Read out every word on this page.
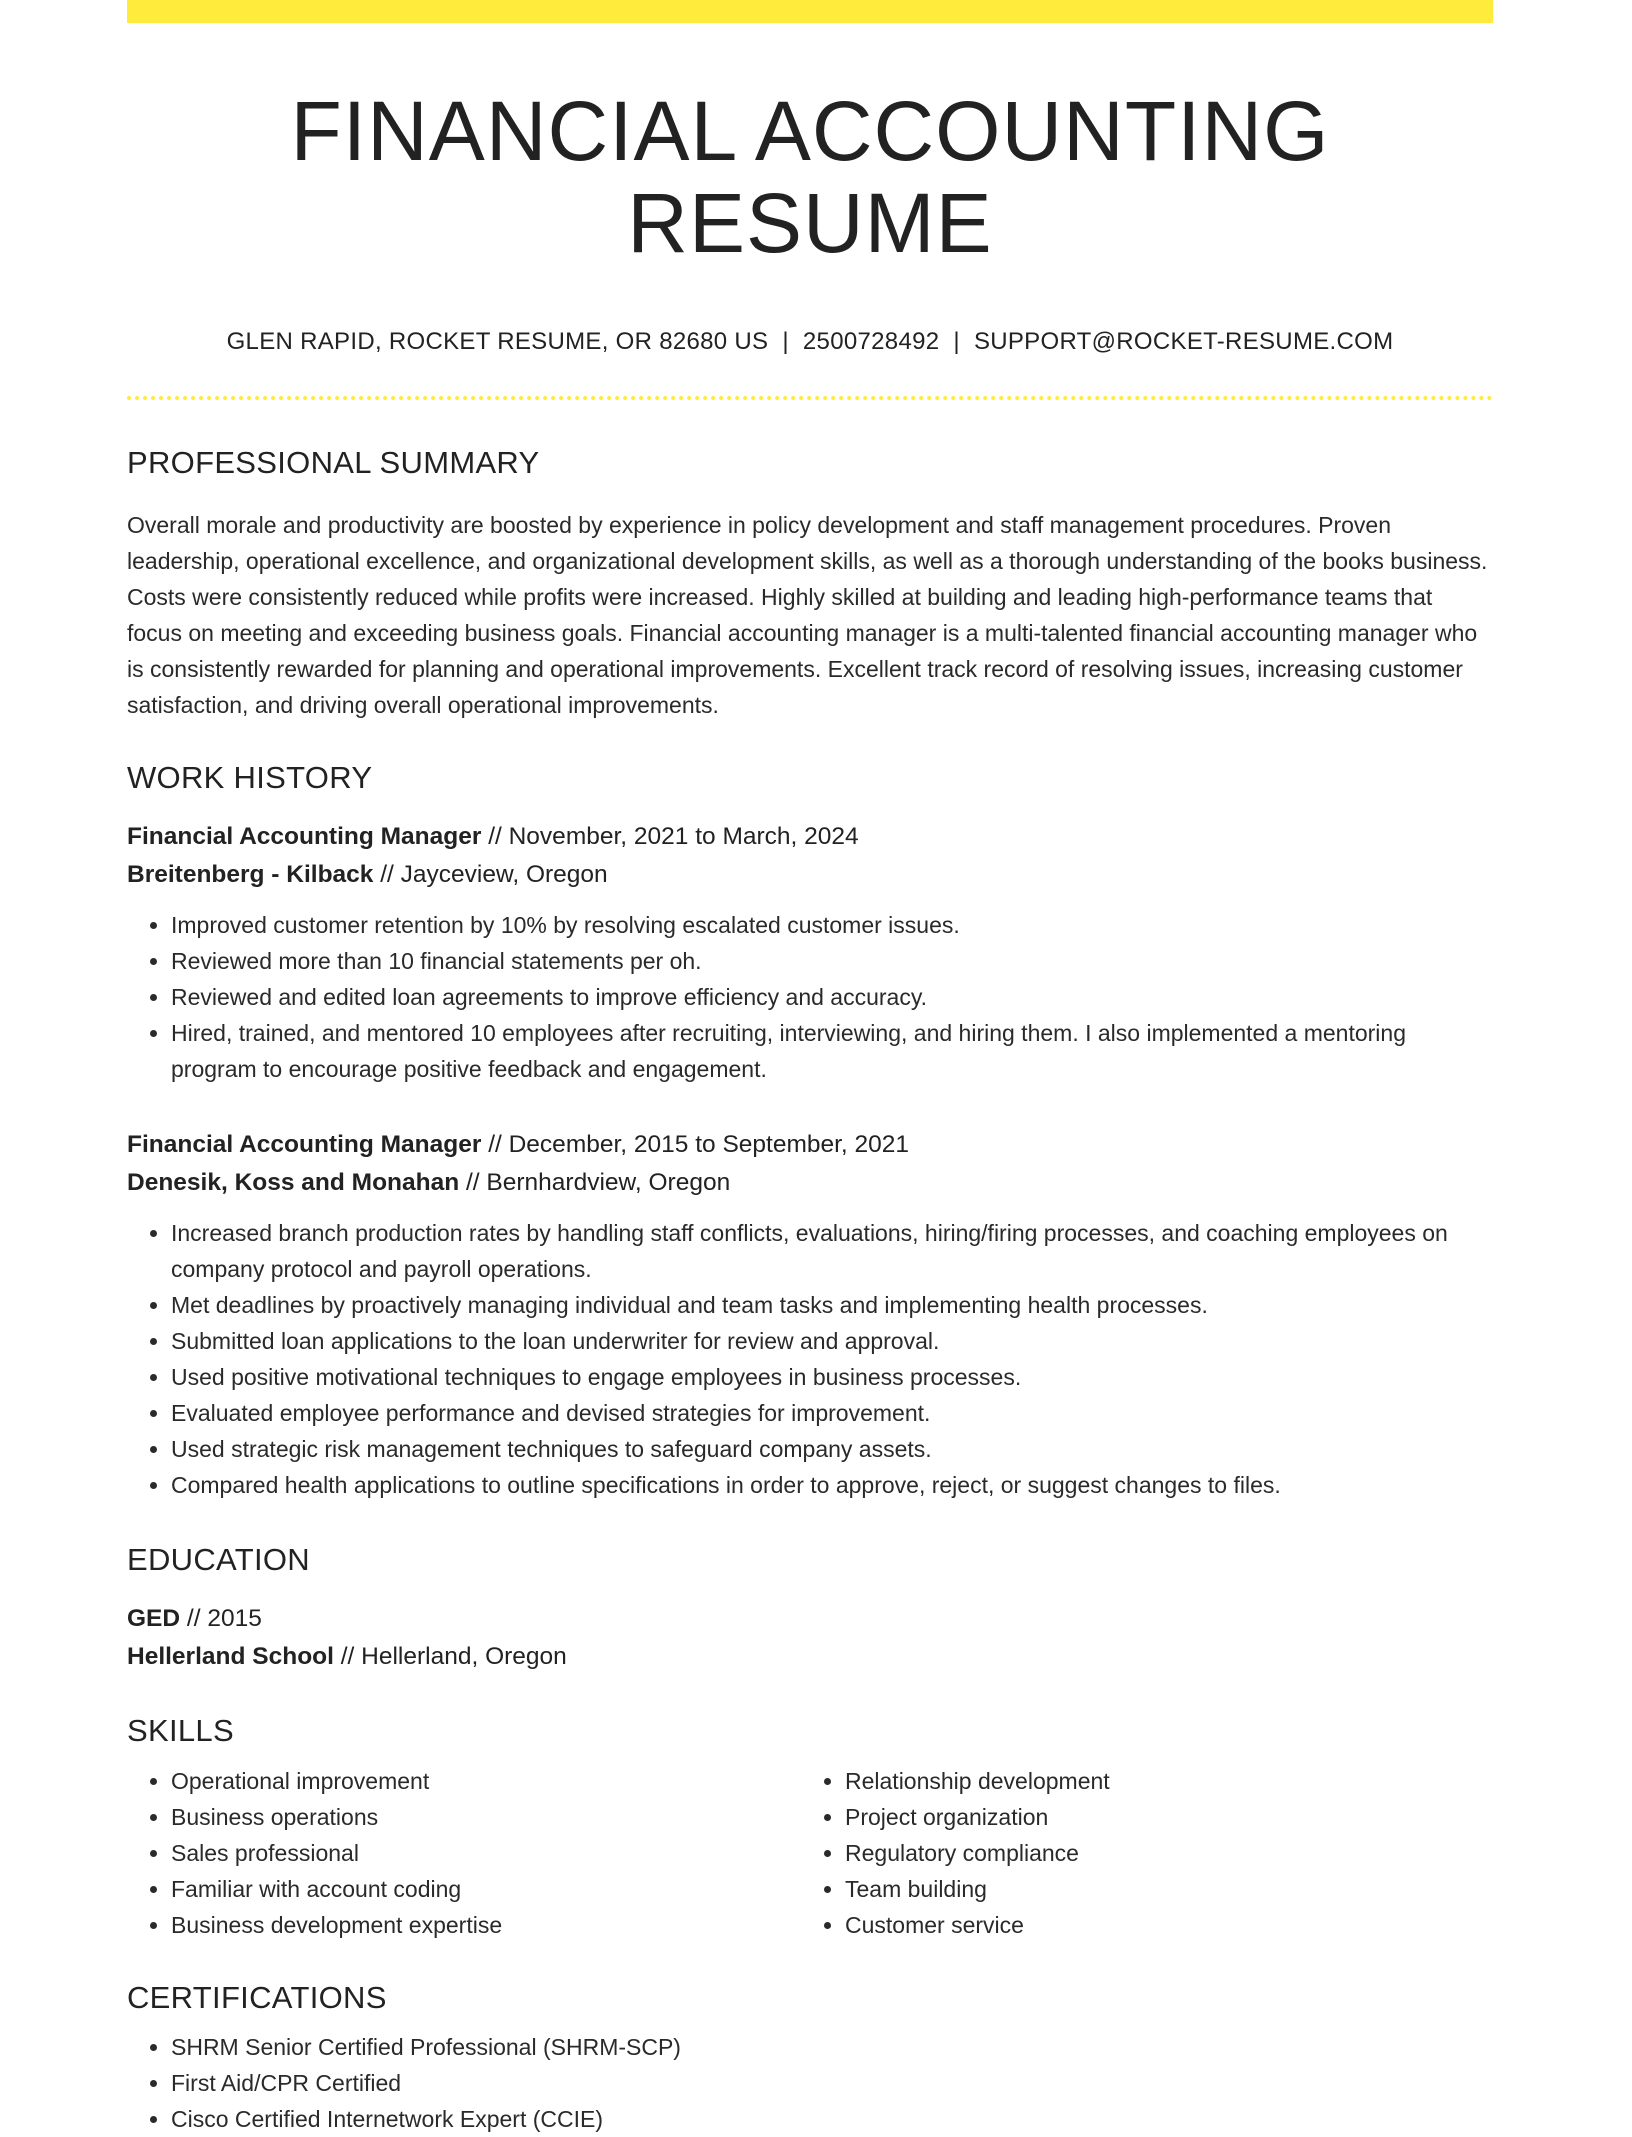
FINANCIAL ACCOUNTING RESUME
GLEN RAPID, ROCKET RESUME, OR 82680 US | 2500728492 | SUPPORT@ROCKET-RESUME.COM
PROFESSIONAL SUMMARY
Overall morale and productivity are boosted by experience in policy development and staff management procedures. Proven leadership, operational excellence, and organizational development skills, as well as a thorough understanding of the books business. Costs were consistently reduced while profits were increased. Highly skilled at building and leading high-performance teams that focus on meeting and exceeding business goals. Financial accounting manager is a multi-talented financial accounting manager who is consistently rewarded for planning and operational improvements. Excellent track record of resolving issues, increasing customer satisfaction, and driving overall operational improvements.
WORK HISTORY
Financial Accounting Manager // November, 2021 to March, 2024
Breitenberg - Kilback // Jayceview, Oregon
• Improved customer retention by 10% by resolving escalated customer issues.
• Reviewed more than 10 financial statements per oh.
• Reviewed and edited loan agreements to improve efficiency and accuracy.
• Hired, trained, and mentored 10 employees after recruiting, interviewing, and hiring them. I also implemented a mentoring program to encourage positive feedback and engagement.
Financial Accounting Manager // December, 2015 to September, 2021
Denesik, Koss and Monahan // Bernhardview, Oregon
• Increased branch production rates by handling staff conflicts, evaluations, hiring/firing processes, and coaching employees on company protocol and payroll operations.
• Met deadlines by proactively managing individual and team tasks and implementing health processes.
• Submitted loan applications to the loan underwriter for review and approval.
• Used positive motivational techniques to engage employees in business processes.
• Evaluated employee performance and devised strategies for improvement.
• Used strategic risk management techniques to safeguard company assets.
• Compared health applications to outline specifications in order to approve, reject, or suggest changes to files.
EDUCATION
GED // 2015
Hellerland School // Hellerland, Oregon
SKILLS
• Operational improvement
• Business operations
• Sales professional
• Familiar with account coding
• Business development expertise
• Relationship development
• Project organization
• Regulatory compliance
• Team building
• Customer service
CERTIFICATIONS
• SHRM Senior Certified Professional (SHRM-SCP)
• First Aid/CPR Certified
• Cisco Certified Internetwork Expert (CCIE)
